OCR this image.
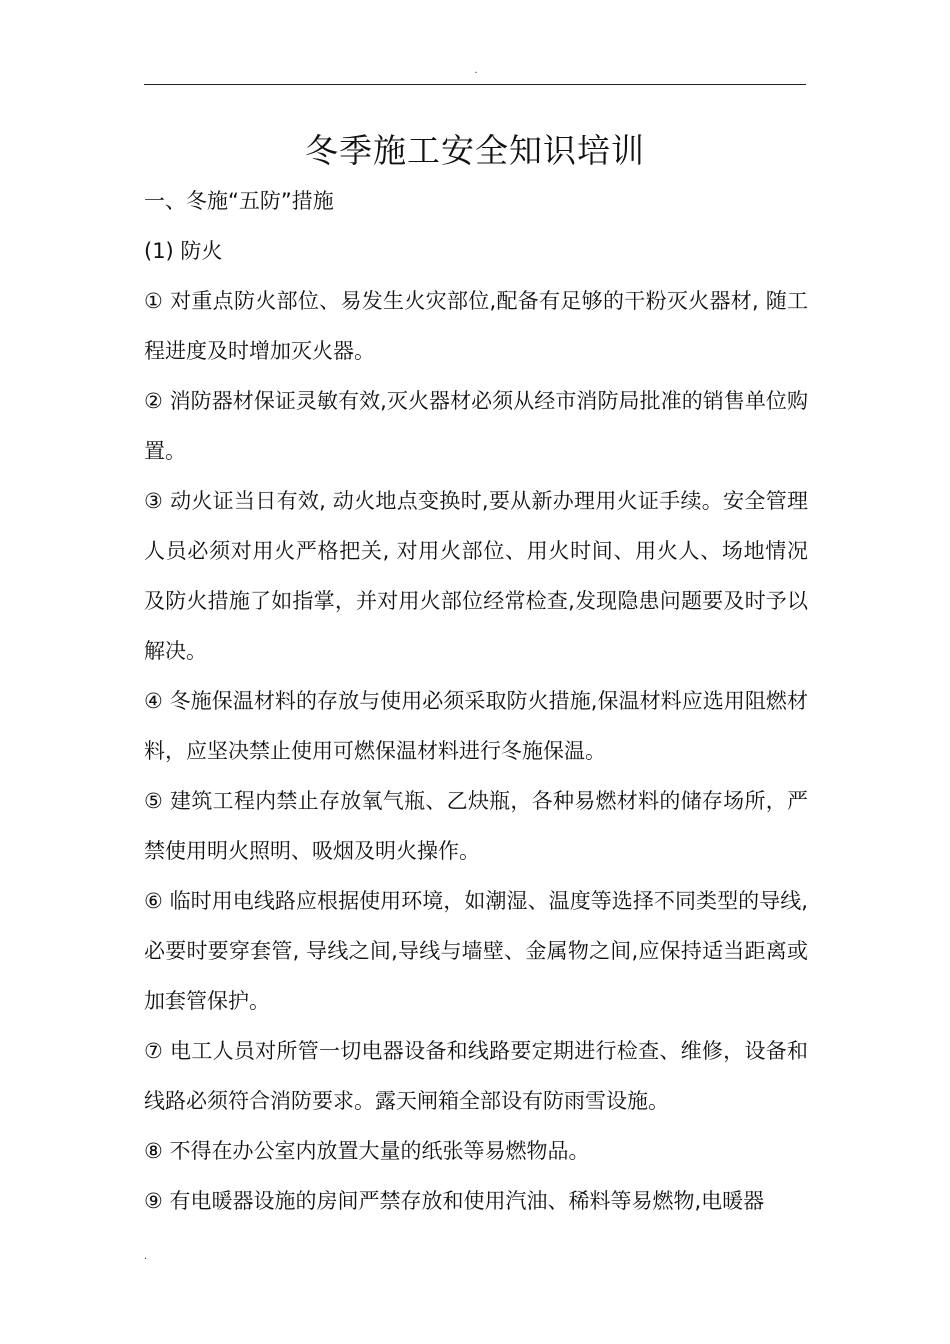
.
冬季施工安全知识培训

一、冬施“五防”措施

(1) 防火

① 对重点防火部位、易发生火灾部位,配备有足够的干粉灭火器材, 随工程进度及时增加灭火器。

② 消防器材保证灵敏有效,灭火器材必须从经市消防局批准的销售单位购置。

③ 动火证当日有效, 动火地点变换时,要从新办理用火证手续。安全管理人员必须对用火严格把关, 对用火部位、用火时间、用火人、场地情况及防火措施了如指掌，并对用火部位经常检查,发现隐患问题要及时予以解决。

④ 冬施保温材料的存放与使用必须采取防火措施,保温材料应选用阻燃材料，应坚决禁止使用可燃保温材料进行冬施保温。

⑤ 建筑工程内禁止存放氧气瓶、乙炔瓶，各种易燃材料的储存场所，严禁使用明火照明、吸烟及明火操作。

⑥ 临时用电线路应根据使用环境，如潮湿、温度等选择不同类型的导线, 必要时要穿套管, 导线之间,导线与墙壁、金属物之间,应保持适当距离或加套管保护。

⑦ 电工人员对所管一切电器设备和线路要定期进行检查、维修，设备和线路必须符合消防要求。露天闸箱全部设有防雨雪设施。

⑧ 不得在办公室内放置大量的纸张等易燃物品。

⑨ 有电暖器设施的房间严禁存放和使用汽油、稀料等易燃物,电暖器

.
